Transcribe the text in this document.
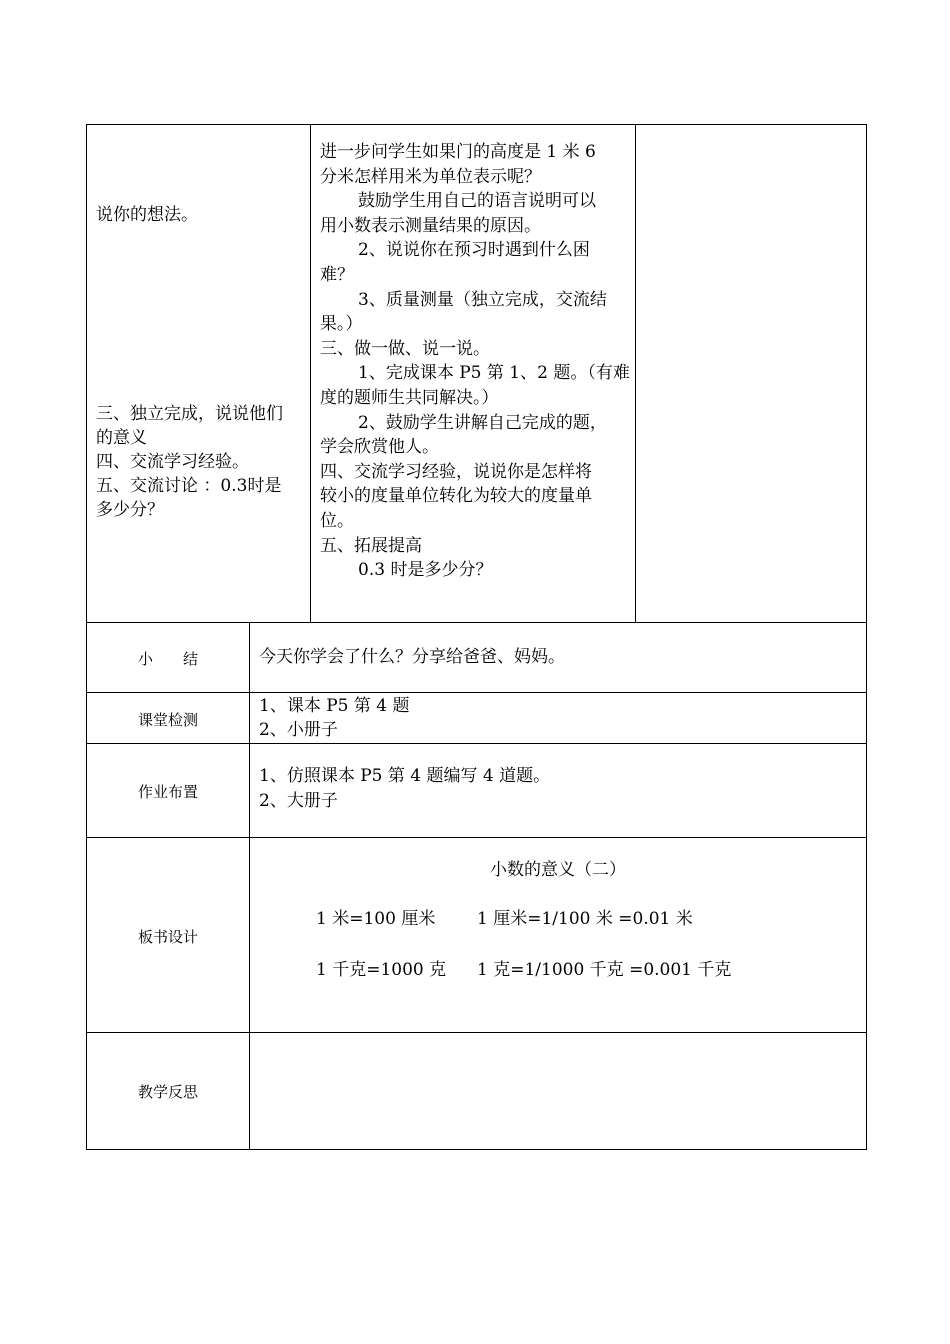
说你的想法。
三、独立完成，说说他们
的意义
四、交流学习经验。
五、交流讨论 ：0.3时是
多少分？
进一步问学生如果门的高度是 1 米 6
分米怎样用米为单位表示呢？
鼓励学生用自己的语言说明可以
用小数表示测量结果的原因。
2、说说你在预习时遇到什么困
难？
3、质量测量（独立完成，交流结
果。）
三、做一做、说一说。
1、完成课本 P5 第 1、2 题。（有难
度的题师生共同解决。）
2、鼓励学生讲解自己完成的题，
学会欣赏他人。
四、交流学习经验，说说你是怎样将
较小的度量单位转化为较大的度量单
位。
五、拓展提高
0.3 时是多少分？
小　　结	今天你学会了什么？分享给爸爸、妈妈。
课堂检测
1、课本 P5 第 4 题
2、小册子
作业布置
1、仿照课本 P5 第 4 题编写 4 道题。
2、大册子
板书设计
小数的意义（二）
1 米=100 厘米 1 厘米=1/100 米 =0.01 米
1 千克=1000 克 1 克=1/1000 千克 =0.001 千克
教学反思
